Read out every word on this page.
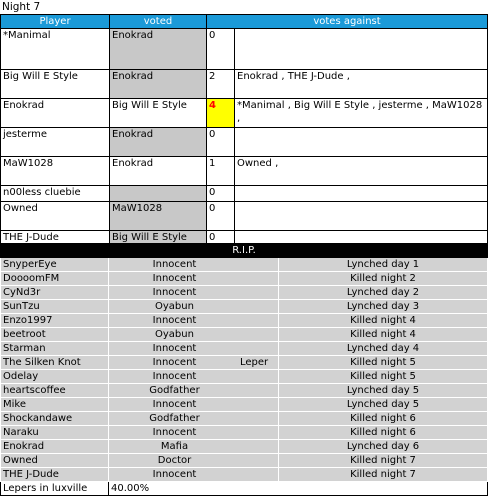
Night 7
Player	voted	votes against	
*Manimal	Enokrad	0	
Big Will E Style	Enokrad	2	Enokrad , THE J-Dude ,
Enokrad	Big Will E Style	4	*Manimal , Big Will E Style , jesterme , MaW1028 ,
jesterme	Enokrad	0	
MaW1028	Enokrad	1	Owned ,
n00less cluebie		0	
Owned	MaW1028	0	
THE J-Dude	Big Will E Style	0	
R.I.P.		
SnyperEye	Innocent	Lynched day 1
DoooomFM	Innocent	Killed night 2
CyNd3r	Innocent	Lynched day 2
SunTzu	Oyabun	Lynched day 3
Enzo1997	Innocent	Killed night 4
beetroot	Oyabun	Killed night 4
Starman	Innocent	Lynched day 4
The Silken Knot	Innocent Leper	Killed night 5
Odelay	Innocent	Killed night 5
heartscoffee	Godfather	Lynched day 5
Mike	Innocent	Lynched day 5
Shockandawe	Godfather	Killed night 6
Naraku	Innocent	Killed night 6
Enokrad	Mafia	Lynched day 6
Owned	Doctor	Killed night 7
THE J-Dude	Innocent	Killed night 7
Lepers in luxville	40.00%	
